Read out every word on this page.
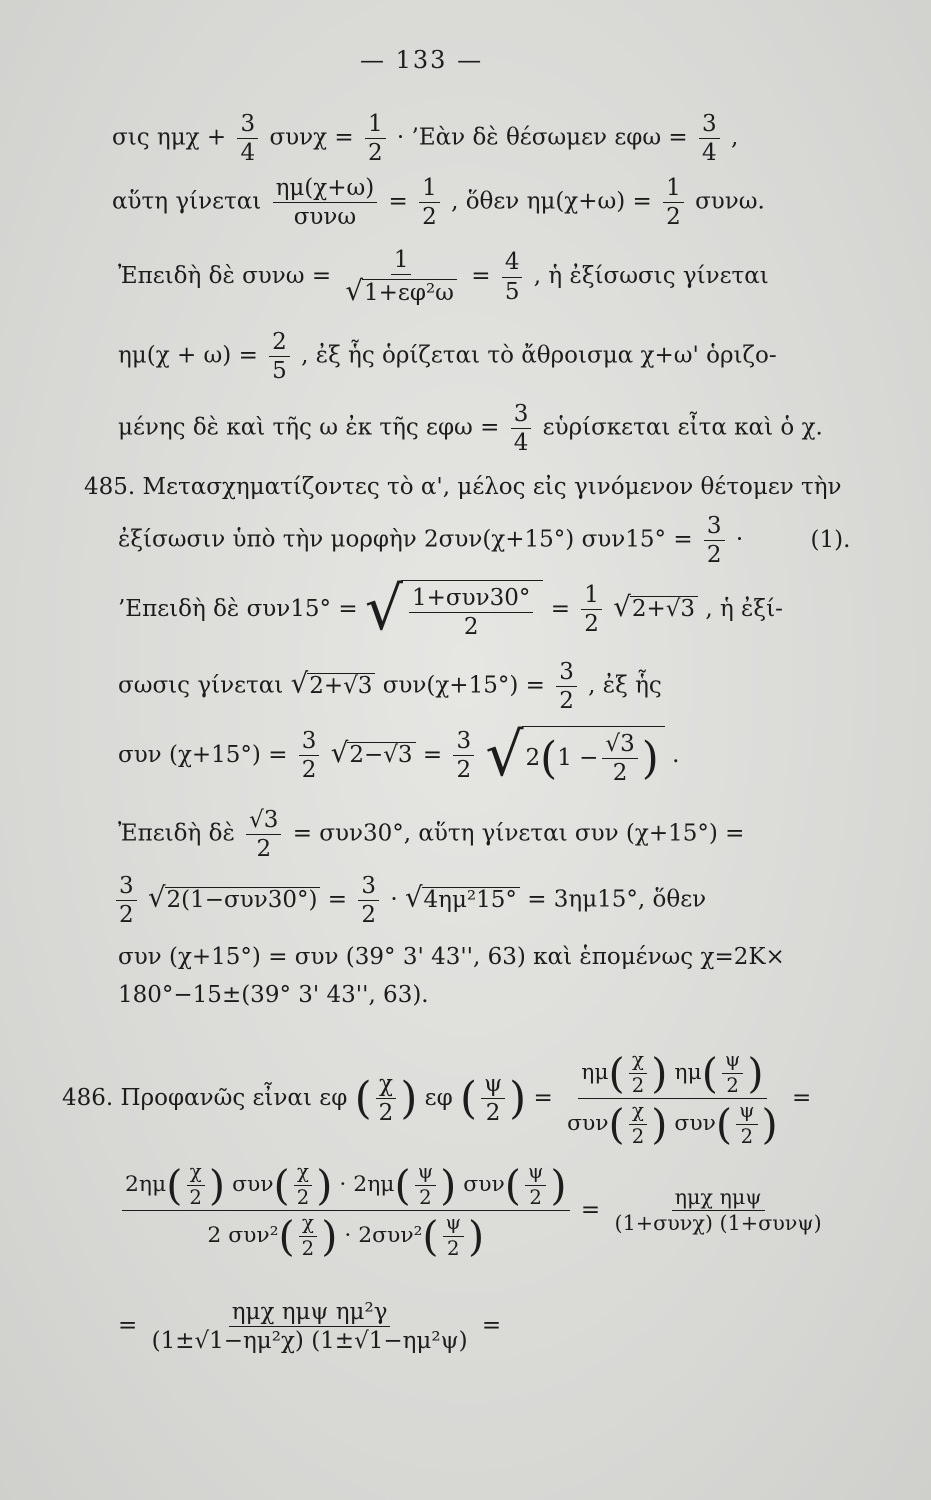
— 133 —
σις $\eta\mu\chi + \frac{3}{4}$ $\sigma\upsilon\nu\chi = \frac{1}{2}$ · ’Εὰν δὲ θέσωμεν $\varepsilon\varphi\omega = \frac{3}{4}$ ,
αὕτη γίνεται $\frac{\eta\mu(\chi+\omega)}{\text{συνω}} = \frac{1}{2}$ , ὅθεν $\eta\mu(\chi+\omega) = \frac{1}{2} \sigma\upsilon\nu\omega$.
Ἐπειδὴ δὲ $\sigma\upsilon\nu\omega = \frac{1}{\text{√1+εφ²ω}} = \frac{4}{5}$ , ἡ ἐξίσωσις γίνεται
$\eta\mu(\chi + \omega) = \frac{2}{5}$ , ἐξ ἧς ὁρίζεται τὸ ἄθροισμα χ+ω' ὁριζο-
μένης δὲ καὶ τῆς ω ἐκ τῆς $\varepsilon\varphi\omega = \frac{3}{4}$ εὑρίσκεται εἶτα καὶ ὁ χ.
485. Μετασχηματίζοντες τὸ α', μέλος εἰς γινόμενον θέτομεν τὴν
ἐξίσωσιν ὑπὸ τὴν μορφὴν 2συν(χ+15°) $\sigma\upsilon\nu 15^\circ = \frac{3}{2}$ ·	(1).
’Επειδὴ δὲ συν15° = √ $\frac{\text{1+συν30°}}{2} = \frac{1}{2} √2+√3$ , ἡ ἐξί-
σωσις γίνεται √2+√3 $\sigma\upsilon\nu(\chi+15^\circ) = \frac{3}{2}$ , ἐξ ἧς
συν $(\chi+15^\circ) = \frac{3}{2} √2-√3 = \frac{3}{2}$
√ 2 ( $1 - \frac{√3}{2}$ ) .
Ἐπειδὴ δὲ $\frac{√3}{2} = \sigma\upsilon\nu 30^\circ$, αὕτη γίνεται συν (χ+15°) =
$\frac{3}{2} √2(1-\sigma\upsilon\nu 30^\circ) = \frac{3}{2} \cdot √4\eta\mu^215^\circ = 3\eta\mu 15^\circ$, ὅθεν
συν (χ+15°) = συν (39° 3' 43'', 63) καὶ ἑπομένως χ=2Κ×
180°−15±(39° 3' 43'', 63).
486. Προφανῶς εἶναι εφ ( $\frac{\chi}{2}$ ) εφ ( $\frac{\psi}{2}$ ) = $\frac{\eta\mu( \frac{\chi}{2} ) \eta\mu( \frac{\psi}{2} )}{\sigma\upsilon\nu( \frac{\chi}{2} ) \sigma\upsilon\nu( \frac{\psi}{2} )}$ =
$\frac{2\eta\mu( \frac{\chi}{2} ) \sigma\upsilon\nu( \frac{\chi}{2} ) \cdot 2\eta\mu( \frac{\psi}{2} ) \sigma\upsilon\nu( \frac{\psi}{2} )}{2 \sigma\upsilon\nu^2( \frac{\chi}{2} ) \cdot 2\sigma\upsilon\nu^2( \frac{\psi}{2} )} = \frac{\text{ημχ ημψ}}{\text{(1+συνχ) (1+συνψ)}}$
= $\frac{\text{ημχ ημψ ημ²γ}}{\text{(1±√1−ημ²χ) (1±√1−ημ²ψ)}}$ =
